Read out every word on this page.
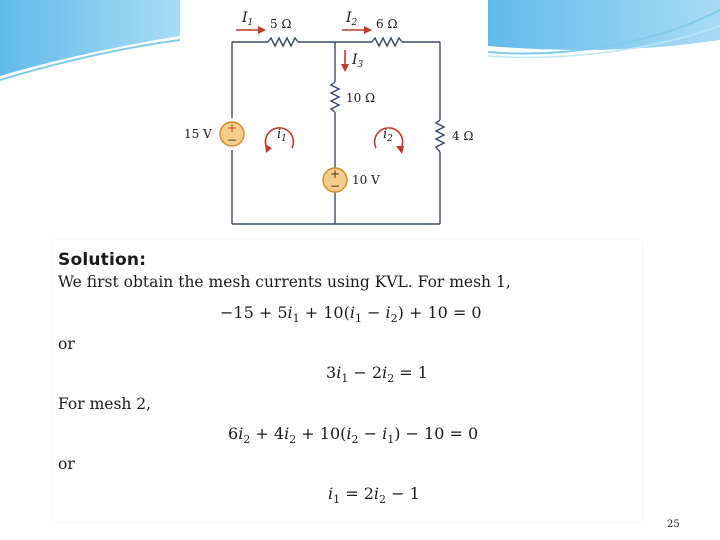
+
−
+
−
$I_1$	$I_2$
$I_3$
5 Ω	6 Ω
10 Ω
4 Ω
15 V
10 V
$i_1$	$i_2$
Solution:
We first obtain the mesh currents using KVL. For mesh 1,
$-15 + 5i_1 + 10(i_1 - i_2) + 10 = 0$
or
$3i_1 - 2i_2 = 1$
For mesh 2,
$6i_2 + 4i_2 + 10(i_2 - i_1) - 10 = 0$
or
$i_1 = 2i_2 - 1$
25
